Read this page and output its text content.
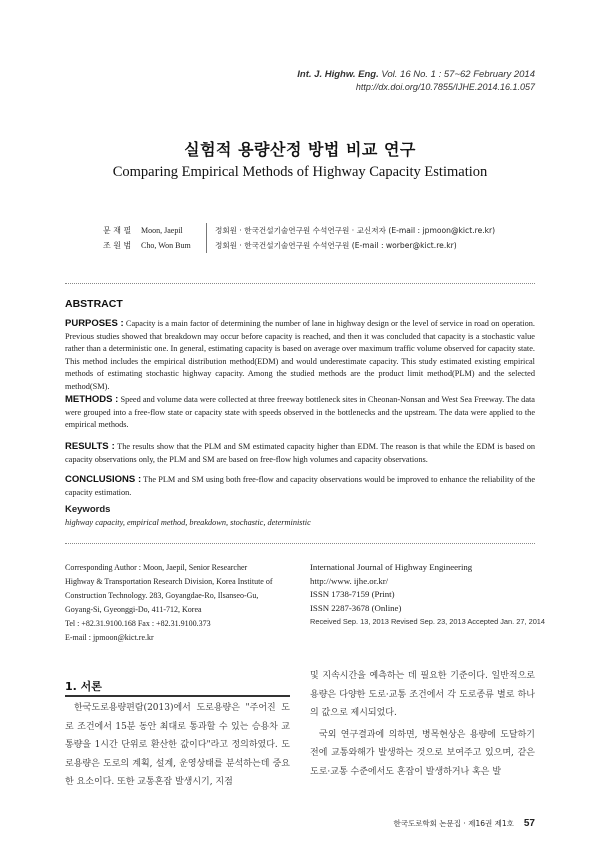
Int. J. Highw. Eng. Vol. 16 No. 1 : 57~62 February 2014
http://dx.doi.org/10.7855/IJHE.2014.16.1.057
실험적 용량산정 방법 비교 연구
Comparing Empirical Methods of Highway Capacity Estimation
문 재 필	Moon, Jaepil	정회원 · 한국건설기술연구원 수석연구원 · 교신저자 (E-mail : jpmoon@kict.re.kr)
조 원 범	Cho, Won Bum	정회원 · 한국건설기술연구원 수석연구원 (E-mail : worber@kict.re.kr)
ABSTRACT
PURPOSES : Capacity is a main factor of determining the number of lane in highway design or the level of service in road on operation. Previous studies showed that breakdown may occur before capacity is reached, and then it was concluded that capacity is a stochastic value rather than a deterministic one. In general, estimating capacity is based on average over maximum traffic volume observed for capacity state. This method includes the empirical distribution method(EDM) and would underestimate capacity. This study estimated existing empirical methods of estimating stochastic highway capacity. Among the studied methods are the product limit method(PLM) and the selected method(SM).
METHODS : Speed and volume data were collected at three freeway bottleneck sites in Cheonan-Nonsan and West Sea Freeway. The data were grouped into a free-flow state or capacity state with speeds observed in the bottlenecks and the upstream. The data were applied to the empirical methods.
RESULTS : The results show that the PLM and SM estimated capacity higher than EDM. The reason is that while the EDM is based on capacity observations only, the PLM and SM are based on free-flow high volumes and capacity observations.
CONCLUSIONS : The PLM and SM using both free-flow and capacity observations would be improved to enhance the reliability of the capacity estimation.
Keywords
highway capacity, empirical method, breakdown, stochastic, deterministic
Corresponding Author : Moon, Jaepil, Senior Researcher
Highway & Transportation Research Division, Korea Institute of
Construction Technology. 283, Goyangdae-Ro, Ilsanseo-Gu,
Goyang-Si, Gyeonggi-Do, 411-712, Korea
Tel : +82.31.9100.168 Fax : +82.31.9100.373
E-mail : jpmoon@kict.re.kr
International Journal of Highway Engineering
http://www. ijhe.or.kr/
ISSN 1738-7159 (Print)
ISSN 2287-3678 (Online)
Received Sep. 13, 2013 Revised Sep. 23, 2013 Accepted Jan. 27, 2014
1. 서론

한국도로용량편람(2013)에서 도로용량은 "주어진 도로 조건에서 15분 동안 최대로 통과할 수 있는 승용차 교통량을 1시간 단위로 환산한 값이다"라고 정의하였다. 도로용량은 도로의 계획, 설계, 운영상태를 분석하는데 중요한 요소이다. 또한 교통혼잡 발생시기, 지점

및 지속시간을 예측하는 데 필요한 기준이다. 일반적으로 용량은 다양한 도로·교통 조건에서 각 도로종류 별로 하나의 값으로 제시되었다.

국외 연구결과에 의하면, 병목현상은 용량에 도달하기 전에 교통와해가 발생하는 것으로 보여주고 있으며, 같은 도로·교통 수준에서도 혼잡이 발생하거나 혹은 발

한국도로학회 논문집 · 제16권 제1호 57
